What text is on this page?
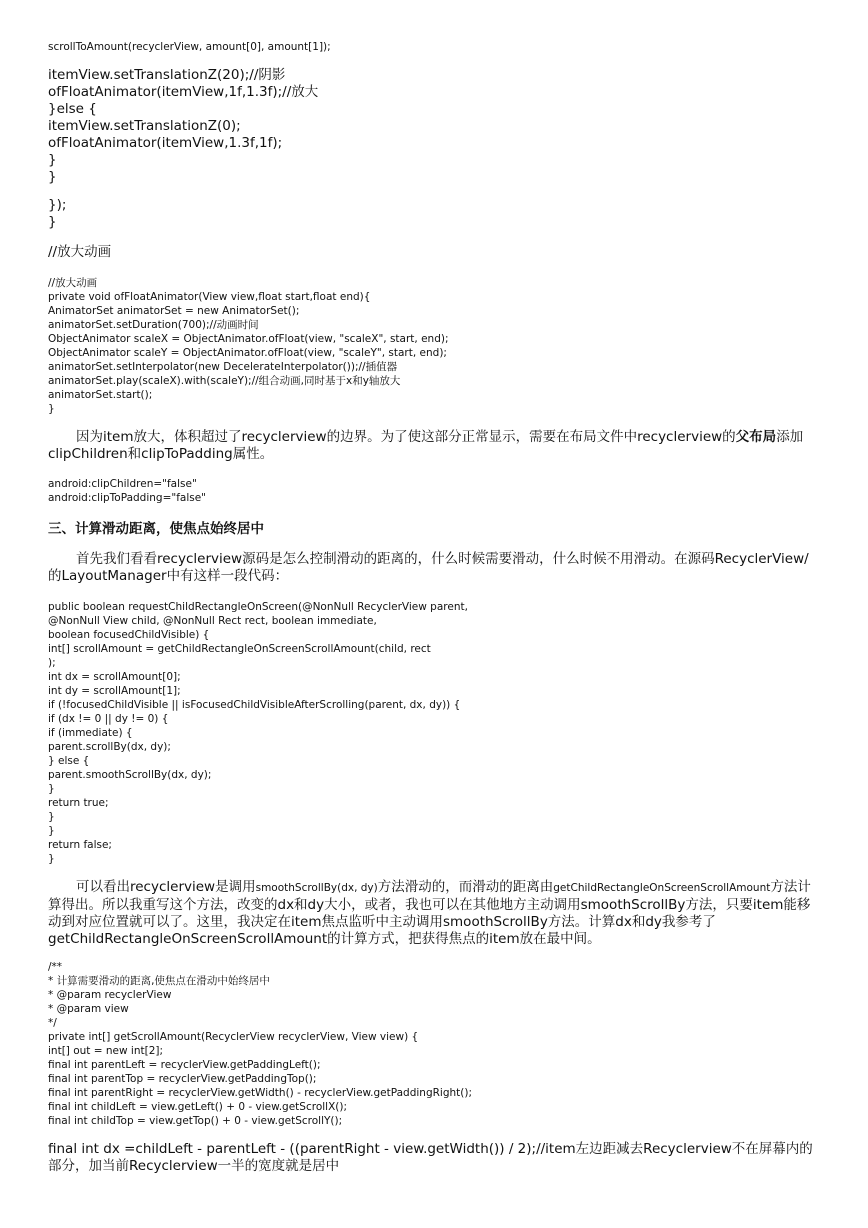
scrollToAmount(recyclerView, amount[0], amount[1]);
itemView.setTranslationZ(20);//阴影
ofFloatAnimator(itemView,1f,1.3f);//放大
}else {
itemView.setTranslationZ(0);
ofFloatAnimator(itemView,1.3f,1f);
}
}
});
}
//放大动画
//放大动画
private void ofFloatAnimator(View view,float start,float end){
AnimatorSet animatorSet = new AnimatorSet();
animatorSet.setDuration(700);//动画时间
ObjectAnimator scaleX = ObjectAnimator.ofFloat(view, "scaleX", start, end);
ObjectAnimator scaleY = ObjectAnimator.ofFloat(view, "scaleY", start, end);
animatorSet.setInterpolator(new DecelerateInterpolator());//插值器
animatorSet.play(scaleX).with(scaleY);//组合动画,同时基于x和y轴放大
animatorSet.start();
}
因为item放大，体积超过了recyclerview的边界。为了使这部分正常显示，需要在布局文件中recyclerview的父布局添加clipChildren和clipToPadding属性。
android:clipChildren="false"
android:clipToPadding="false"
三、计算滑动距离，使焦点始终居中
首先我们看看recyclerview源码是怎么控制滑动的距离的，什么时候需要滑动，什么时候不用滑动。在源码RecyclerView/的LayoutManager中有这样一段代码：
public boolean requestChildRectangleOnScreen(@NonNull RecyclerView parent,
@NonNull View child, @NonNull Rect rect, boolean immediate,
boolean focusedChildVisible) {
int[] scrollAmount = getChildRectangleOnScreenScrollAmount(child, rect
);
int dx = scrollAmount[0];
int dy = scrollAmount[1];
if (!focusedChildVisible || isFocusedChildVisibleAfterScrolling(parent, dx, dy)) {
if (dx != 0 || dy != 0) {
if (immediate) {
parent.scrollBy(dx, dy);
} else {
parent.smoothScrollBy(dx, dy);
}
return true;
}
}
return false;
}
可以看出recyclerview是调用smoothScrollBy(dx, dy)方法滑动的，而滑动的距离由getChildRectangleOnScreenScrollAmount方法计算得出。所以我重写这个方法，改变的dx和dy大小，或者，我也可以在其他地方主动调用smoothScrollBy方法，只要item能移动到对应位置就可以了。这里，我决定在item焦点监听中主动调用smoothScrollBy方法。计算dx和dy我参考了getChildRectangleOnScreenScrollAmount的计算方式，把获得焦点的item放在最中间。
/**
* 计算需要滑动的距离,使焦点在滑动中始终居中
* @param recyclerView
* @param view
*/
private int[] getScrollAmount(RecyclerView recyclerView, View view) {
int[] out = new int[2];
final int parentLeft = recyclerView.getPaddingLeft();
final int parentTop = recyclerView.getPaddingTop();
final int parentRight = recyclerView.getWidth() - recyclerView.getPaddingRight();
final int childLeft = view.getLeft() + 0 - view.getScrollX();
final int childTop = view.getTop() + 0 - view.getScrollY();
final int dx =childLeft - parentLeft - ((parentRight - view.getWidth()) / 2);//item左边距减去Recyclerview不在屏幕内的部分，加当前Recyclerview一半的宽度就是居中
